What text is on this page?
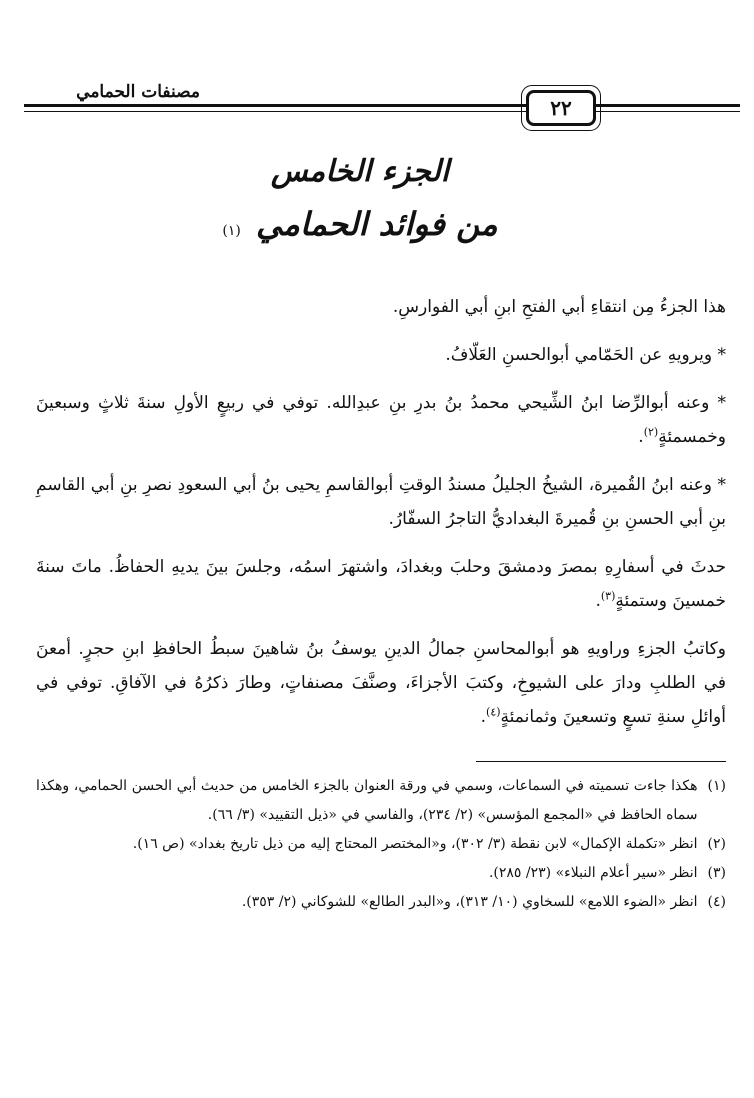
مصنفات الحمامي
٢٢
الجزء الخامس
من فوائد الحمامي (١)

هذا الجزءُ مِن انتقاءِ أبي الفتحِ ابنِ أبي الفوارسِ.

* ويرويهِ عن الحَمّامي أبوالحسنِ العَلّافُ.

* وعنه أبوالرِّضا ابنُ الشِّيحي محمدُ بنُ بدرِ بنِ عبدِالله. توفي في ربيعٍ الأولِ سنةَ ثلاثٍ وسبعينَ وخمسمئةٍ$^{(٢)}$.

* وعنه ابنُ القُميرة، الشيخُ الجليلُ مسندُ الوقتِ أبوالقاسمِ يحيى بنُ أبي السعودِ نصرِ بنِ أبي القاسمِ بنِ أبي الحسنِ بنِ قُميرةَ البغداديُّ التاجرُ السفّارُ.

حدثَ في أسفارِهِ بمصرَ ودمشقَ وحلبَ وبغدادَ، واشتهرَ اسمُه، وجلسَ بينَ يديهِ الحفاظُ. ماتَ سنةَ خمسينَ وستمئةٍ$^{(٣)}$.

وكاتبُ الجزءِ وراويهِ هو أبوالمحاسنِ جمالُ الدينِ يوسفُ بنُ شاهينَ سبطُ الحافظِ ابنِ حجرٍ. أمعنَ في الطلبِ ودارَ على الشيوخِ، وكتبَ الأجزاءَ، وصنَّفَ مصنفاتٍ، وطارَ ذكرُهُ في الآفاقِ. توفي في أوائلِ سنةِ تسعٍ وتسعينَ وثمانمئةٍ$^{(٤)}$.

(١)
هكذا جاءت تسميته في السماعات، وسمي في ورقة العنوان بالجزء الخامس من حديث أبي الحسن الحمامي، وهكذا سماه الحافظ في «المجمع المؤسس» (٢/ ٢٣٤)، والفاسي في «ذيل التقييد» (٣/ ٦٦).
(٢)
انظر «تكملة الإكمال» لابن نقطة (٣/ ٣٠٢)، و«المختصر المحتاج إليه من ذيل تاريخ بغداد» (ص ١٦).
(٣)
انظر «سير أعلام النبلاء» (٢٣/ ٢٨٥).
(٤)
انظر «الضوء اللامع» للسخاوي (١٠/ ٣١٣)، و«البدر الطالع» للشوكاني (٢/ ٣٥٣).
